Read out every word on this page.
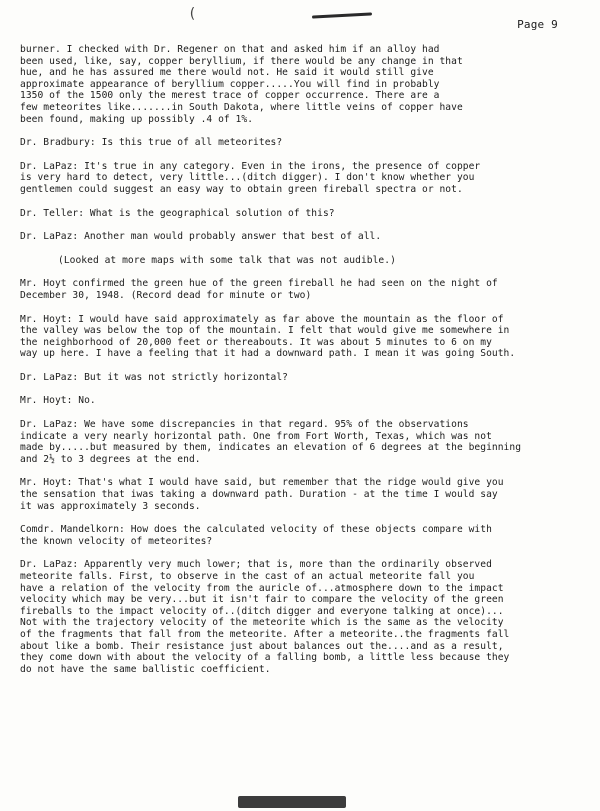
(
Page 9
burner. I checked with Dr. Regener on that and asked him if an alloy had
been used, like, say, copper beryllium, if there would be any change in that
hue, and he has assured me there would not. He said it would still give
approximate appearance of beryllium copper.....You will find in probably
1350 of the 1500 only the merest trace of copper occurrence. There are a
few meteorites like.......in South Dakota, where little veins of copper have
been found, making up possibly .4 of 1%.
Dr. Bradbury: Is this true of all meteorites?
Dr. LaPaz: It's true in any category. Even in the irons, the presence of copper
is very hard to detect, very little...(ditch digger). I don't know whether you
gentlemen could suggest an easy way to obtain green fireball spectra or not.
Dr. Teller: What is the geographical solution of this?
Dr. LaPaz: Another man would probably answer that best of all.
(Looked at more maps with some talk that was not audible.)
Mr. Hoyt confirmed the green hue of the green fireball he had seen on the night of
December 30, 1948. (Record dead for minute or two)
Mr. Hoyt: I would have said approximately as far above the mountain as the floor of
the valley was below the top of the mountain. I felt that would give me somewhere in
the neighborhood of 20,000 feet or thereabouts. It was about 5 minutes to 6 on my
way up here. I have a feeling that it had a downward path. I mean it was going South.
Dr. LaPaz: But it was not strictly horizontal?
Mr. Hoyt: No.
Dr. LaPaz: We have some discrepancies in that regard. 95% of the observations
indicate a very nearly horizontal path. One from Fort Worth, Texas, which was not
made by.....but measured by them, indicates an elevation of 6 degrees at the beginning
and 2½ to 3 degrees at the end.
Mr. Hoyt: That's what I would have said, but remember that the ridge would give you
the sensation that iwas taking a downward path. Duration - at the time I would say
it was approximately 3 seconds.
Comdr. Mandelkorn: How does the calculated velocity of these objects compare with
the known velocity of meteorites?
Dr. LaPaz: Apparently very much lower; that is, more than the ordinarily observed
meteorite falls. First, to observe in the cast of an actual meteorite fall you
have a relation of the velocity from the auricle of...atmosphere down to the impact
velocity which may be very...but it isn't fair to compare the velocity of the green
fireballs to the impact velocity of..(ditch digger and everyone talking at once)...
Not with the trajectory velocity of the meteorite which is the same as the velocity
of the fragments that fall from the meteorite. After a meteorite..the fragments fall
about like a bomb. Their resistance just about balances out the....and as a result,
they come down with about the velocity of a falling bomb, a little less because they
do not have the same ballistic coefficient.
